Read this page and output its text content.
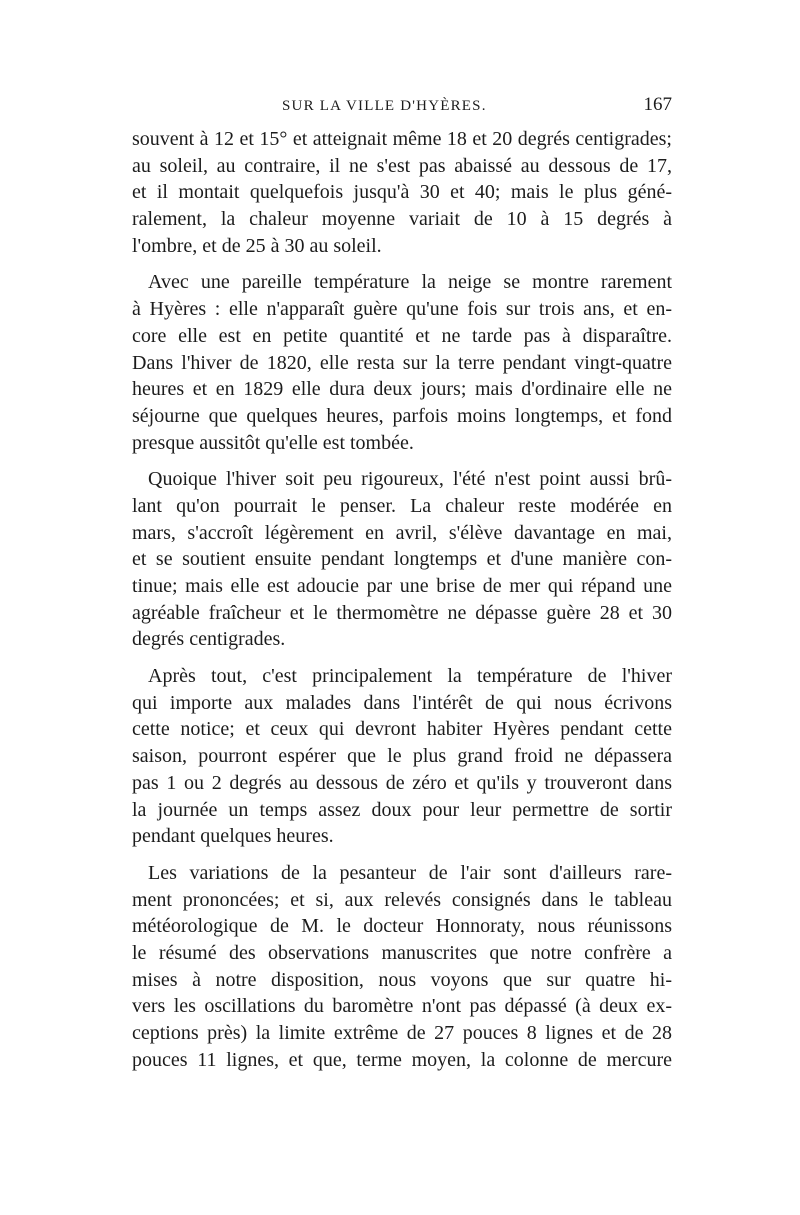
SUR LA VILLE D'HYÈRES.	167
souvent à 12 et 15° et atteignait même 18 et 20 degrés centigrades;
au soleil, au contraire, il ne s'est pas abaissé au dessous de 17,
et il montait quelquefois jusqu'à 30 et 40; mais le plus géné-
ralement, la chaleur moyenne variait de 10 à 15 degrés à
l'ombre, et de 25 à 30 au soleil.
Avec une pareille température la neige se montre rarement
à Hyères : elle n'apparaît guère qu'une fois sur trois ans, et en-
core elle est en petite quantité et ne tarde pas à disparaître.
Dans l'hiver de 1820, elle resta sur la terre pendant vingt-quatre
heures et en 1829 elle dura deux jours; mais d'ordinaire elle ne
séjourne que quelques heures, parfois moins longtemps, et fond
presque aussitôt qu'elle est tombée.
Quoique l'hiver soit peu rigoureux, l'été n'est point aussi brû-
lant qu'on pourrait le penser. La chaleur reste modérée en
mars, s'accroît légèrement en avril, s'élève davantage en mai,
et se soutient ensuite pendant longtemps et d'une manière con-
tinue; mais elle est adoucie par une brise de mer qui répand une
agréable fraîcheur et le thermomètre ne dépasse guère 28 et 30
degrés centigrades.
Après tout, c'est principalement la température de l'hiver
qui importe aux malades dans l'intérêt de qui nous écrivons
cette notice; et ceux qui devront habiter Hyères pendant cette
saison, pourront espérer que le plus grand froid ne dépassera
pas 1 ou 2 degrés au dessous de zéro et qu'ils y trouveront dans
la journée un temps assez doux pour leur permettre de sortir
pendant quelques heures.
Les variations de la pesanteur de l'air sont d'ailleurs rare-
ment prononcées; et si, aux relevés consignés dans le tableau
météorologique de M. le docteur Honnoraty, nous réunissons
le résumé des observations manuscrites que notre confrère a
mises à notre disposition, nous voyons que sur quatre hi-
vers les oscillations du baromètre n'ont pas dépassé (à deux ex-
ceptions près) la limite extrême de 27 pouces 8 lignes et de 28
pouces 11 lignes, et que, terme moyen, la colonne de mercure
